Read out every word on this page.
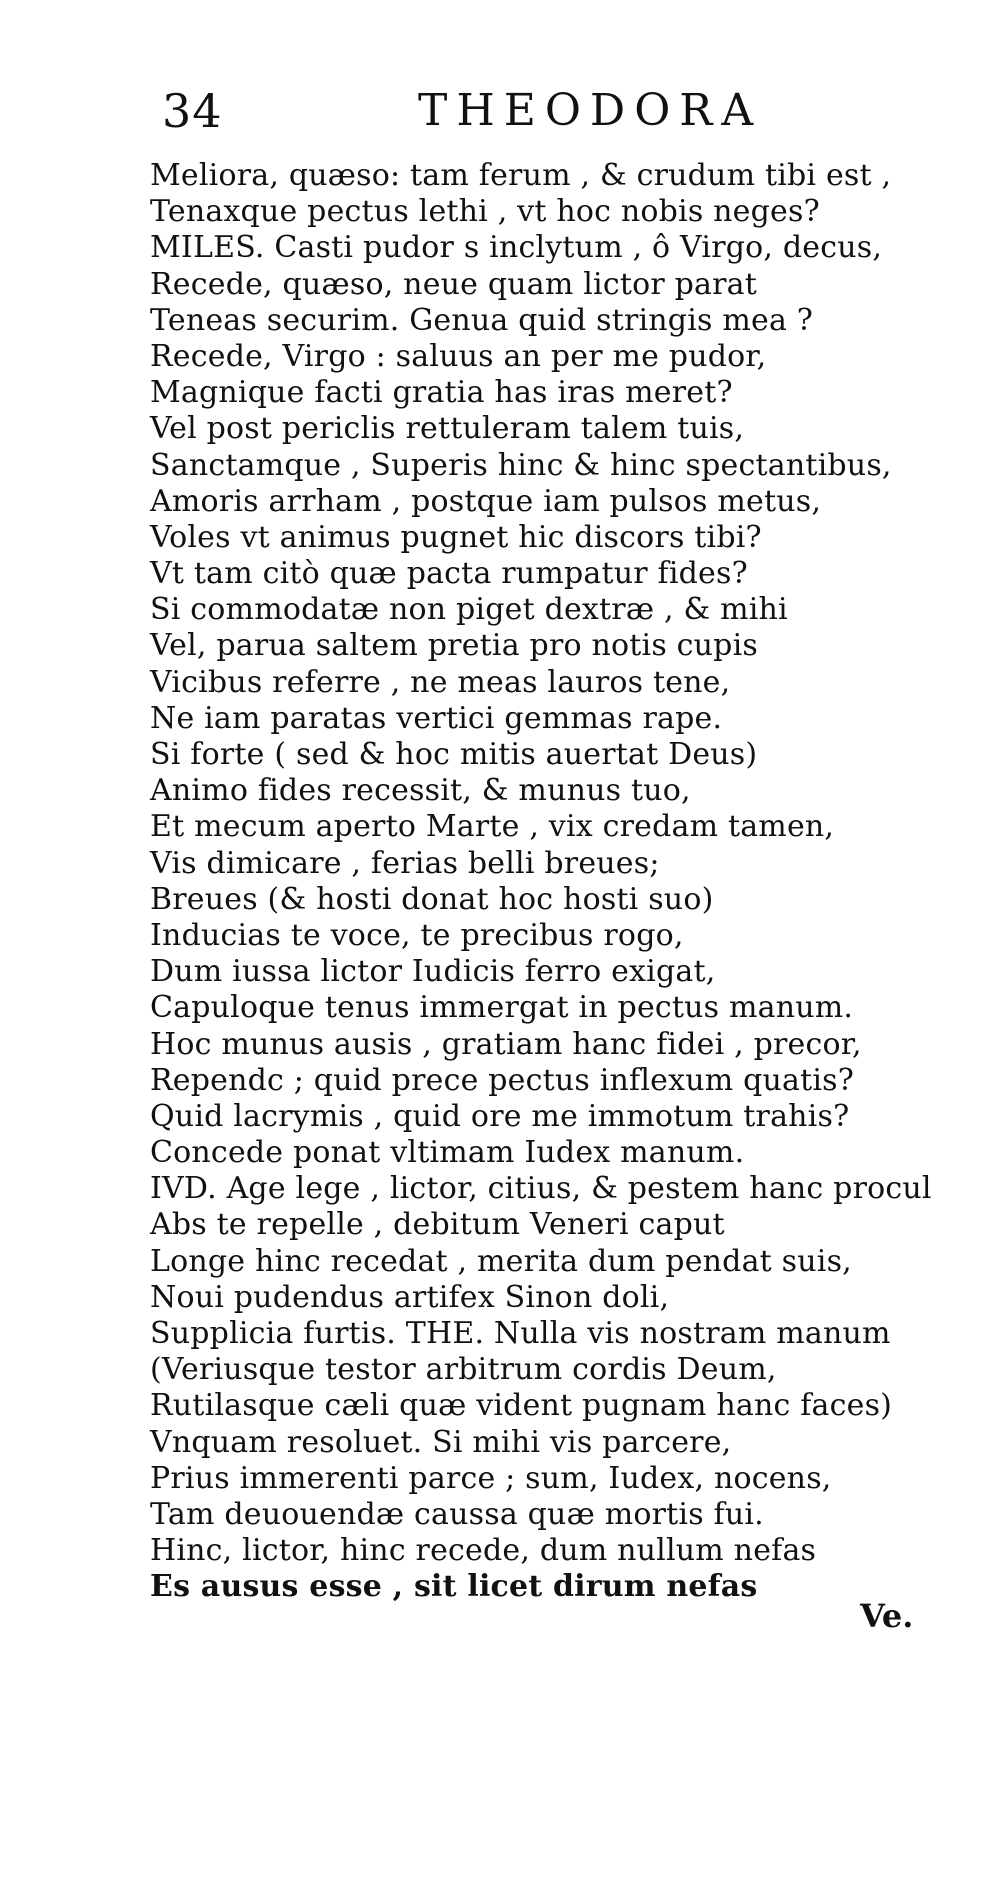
34	THEODORA
Meliora, quæso: tam ferum , & crudum tibi est ,
Tenaxque pectus lethi , vt hoc nobis neges?
MILES. Casti pudor s inclytum , ô Virgo, decus,
Recede, quæso, neue quam lictor parat
Teneas securim. Genua quid stringis mea ?
Recede, Virgo : saluus an per me pudor,
Magnique facti gratia has iras meret?
Vel post periclis rettuleram talem tuis,
Sanctamque , Superis hinc & hinc spectantibus,
Amoris arrham , postque iam pulsos metus,
Voles vt animus pugnet hic discors tibi?
Vt tam citò quæ pacta rumpatur fides?
Si commodatæ non piget dextræ , & mihi
Vel, parua saltem pretia pro notis cupis
Vicibus referre , ne meas lauros tene,
Ne iam paratas vertici gemmas rape.
Si forte ( sed & hoc mitis auertat Deus)
Animo fides recessit, & munus tuo,
Et mecum aperto Marte , vix credam tamen,
Vis dimicare , ferias belli breues;
Breues (& hosti donat hoc hosti suo)
Inducias te voce, te precibus rogo,
Dum iussa lictor Iudicis ferro exigat,
Capuloque tenus immergat in pectus manum.
Hoc munus ausis , gratiam hanc fidei , precor,
Rependc ; quid prece pectus inflexum quatis?
Quid lacrymis , quid ore me immotum trahis?
Concede ponat vltimam Iudex manum.
IVD. Age lege , lictor, citius, & pestem hanc procul
Abs te repelle , debitum Veneri caput
Longe hinc recedat , merita dum pendat suis,
Noui pudendus artifex Sinon doli,
Supplicia furtis. THE. Nulla vis nostram manum
(Veriusque testor arbitrum cordis Deum,
Rutilasque cæli quæ vident pugnam hanc faces)
Vnquam resoluet. Si mihi vis parcere,
Prius immerenti parce ; sum, Iudex, nocens,
Tam deuouendæ caussa quæ mortis fui.
Hinc, lictor, hinc recede, dum nullum nefas
Es ausus esse , sit licet dirum nefas
Ve.
